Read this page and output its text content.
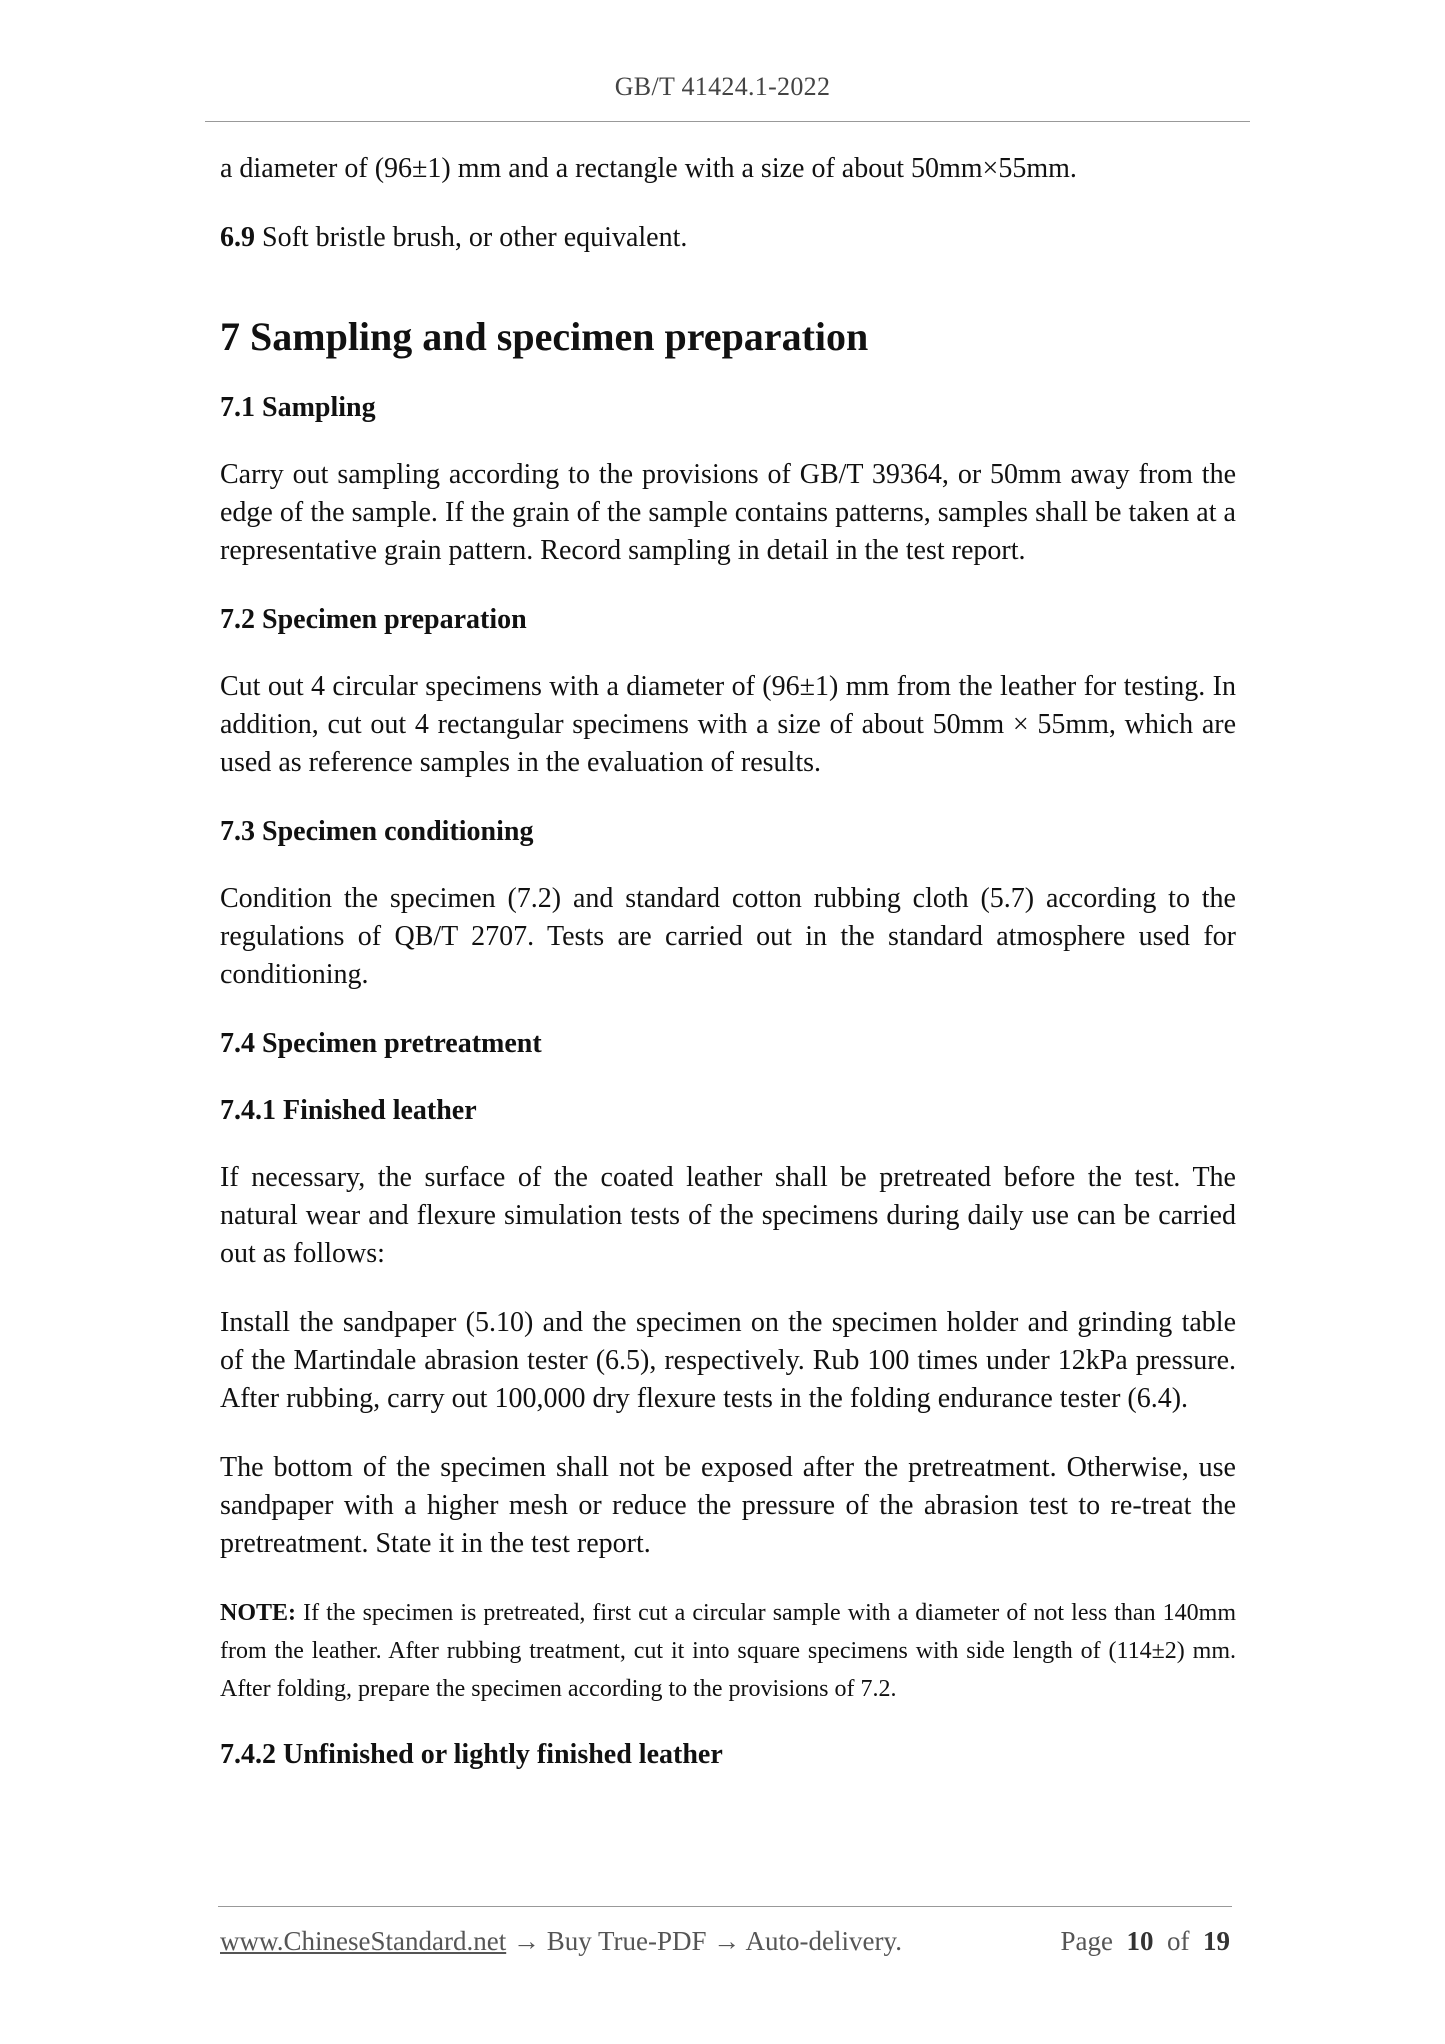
GB/T 41424.1-2022

a diameter of (96±1) mm and a rectangle with a size of about 50mm×55mm.

6.9 Soft bristle brush, or other equivalent.

7 Sampling and specimen preparation
7.1 Sampling

Carry out sampling according to the provisions of GB/T 39364, or 50mm away from the edge of the sample. If the grain of the sample contains patterns, samples shall be taken at a representative grain pattern. Record sampling in detail in the test report.

7.2 Specimen preparation

Cut out 4 circular specimens with a diameter of (96±1) mm from the leather for testing. In addition, cut out 4 rectangular specimens with a size of about 50mm × 55mm, which are used as reference samples in the evaluation of results.

7.3 Specimen conditioning

Condition the specimen (7.2) and standard cotton rubbing cloth (5.7) according to the regulations of QB/T 2707. Tests are carried out in the standard atmosphere used for conditioning.

7.4 Specimen pretreatment
7.4.1 Finished leather

If necessary, the surface of the coated leather shall be pretreated before the test. The natural wear and flexure simulation tests of the specimens during daily use can be carried out as follows:

Install the sandpaper (5.10) and the specimen on the specimen holder and grinding table of the Martindale abrasion tester (6.5), respectively. Rub 100 times under 12kPa pressure. After rubbing, carry out 100,000 dry flexure tests in the folding endurance tester (6.4).

The bottom of the specimen shall not be exposed after the pretreatment. Otherwise, use sandpaper with a higher mesh or reduce the pressure of the abrasion test to re-treat the pretreatment. State it in the test report.

NOTE: If the specimen is pretreated, first cut a circular sample with a diameter of not less than 140mm from the leather. After rubbing treatment, cut it into square specimens with side length of (114±2) mm. After folding, prepare the specimen according to the provisions of 7.2.

7.4.2 Unfinished or lightly finished leather
www.ChineseStandard.net → Buy True-PDF → Auto-delivery.	Page 10 of 19
